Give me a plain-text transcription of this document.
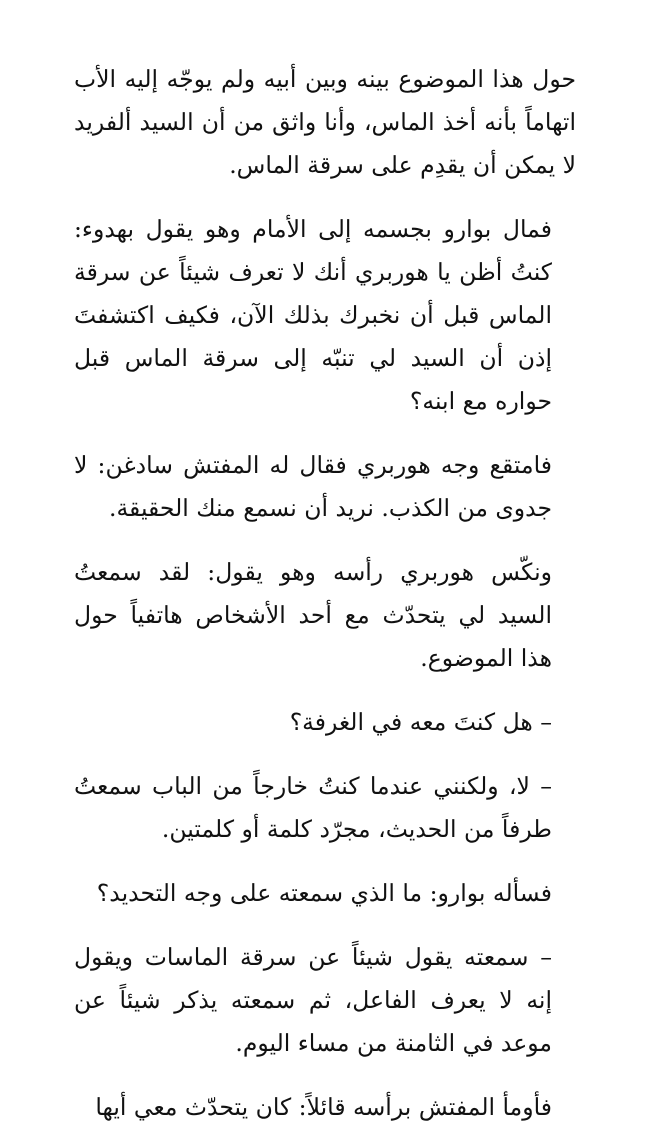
حول هذا الموضوع بينه وبين أبيه ولم يوجّه إليه الأب اتهاماً بأنه أخذ الماس، وأنا واثق من أن السيد ألفريد لا يمكن أن يقدِم على سرقة الماس.

فمال بوارو بجسمه إلى الأمام وهو يقول بهدوء: كنتُ أظن يا هوربري أنك لا تعرف شيئاً عن سرقة الماس قبل أن نخبرك بذلك الآن، فكيف اكتشفتَ إذن أن السيد لي تنبّه إلى سرقة الماس قبل حواره مع ابنه؟

فامتقع وجه هوربري فقال له المفتش سادغن: لا جدوى من الكذب. نريد أن نسمع منك الحقيقة.

ونكّس هوربري رأسه وهو يقول: لقد سمعتُ السيد لي يتحدّث مع أحد الأشخاص هاتفياً حول هذا الموضوع.

– هل كنتَ معه في الغرفة؟

– لا، ولكنني عندما كنتُ خارجاً من الباب سمعتُ طرفاً من الحديث، مجرّد كلمة أو كلمتين.

فسأله بوارو: ما الذي سمعته على وجه التحديد؟

– سمعته يقول شيئاً عن سرقة الماسات ويقول إنه لا يعرف الفاعل، ثم سمعته يذكر شيئاً عن موعد في الثامنة من مساء اليوم.

فأومأ المفتش برأسه قائلاً: كان يتحدّث معي أيها
